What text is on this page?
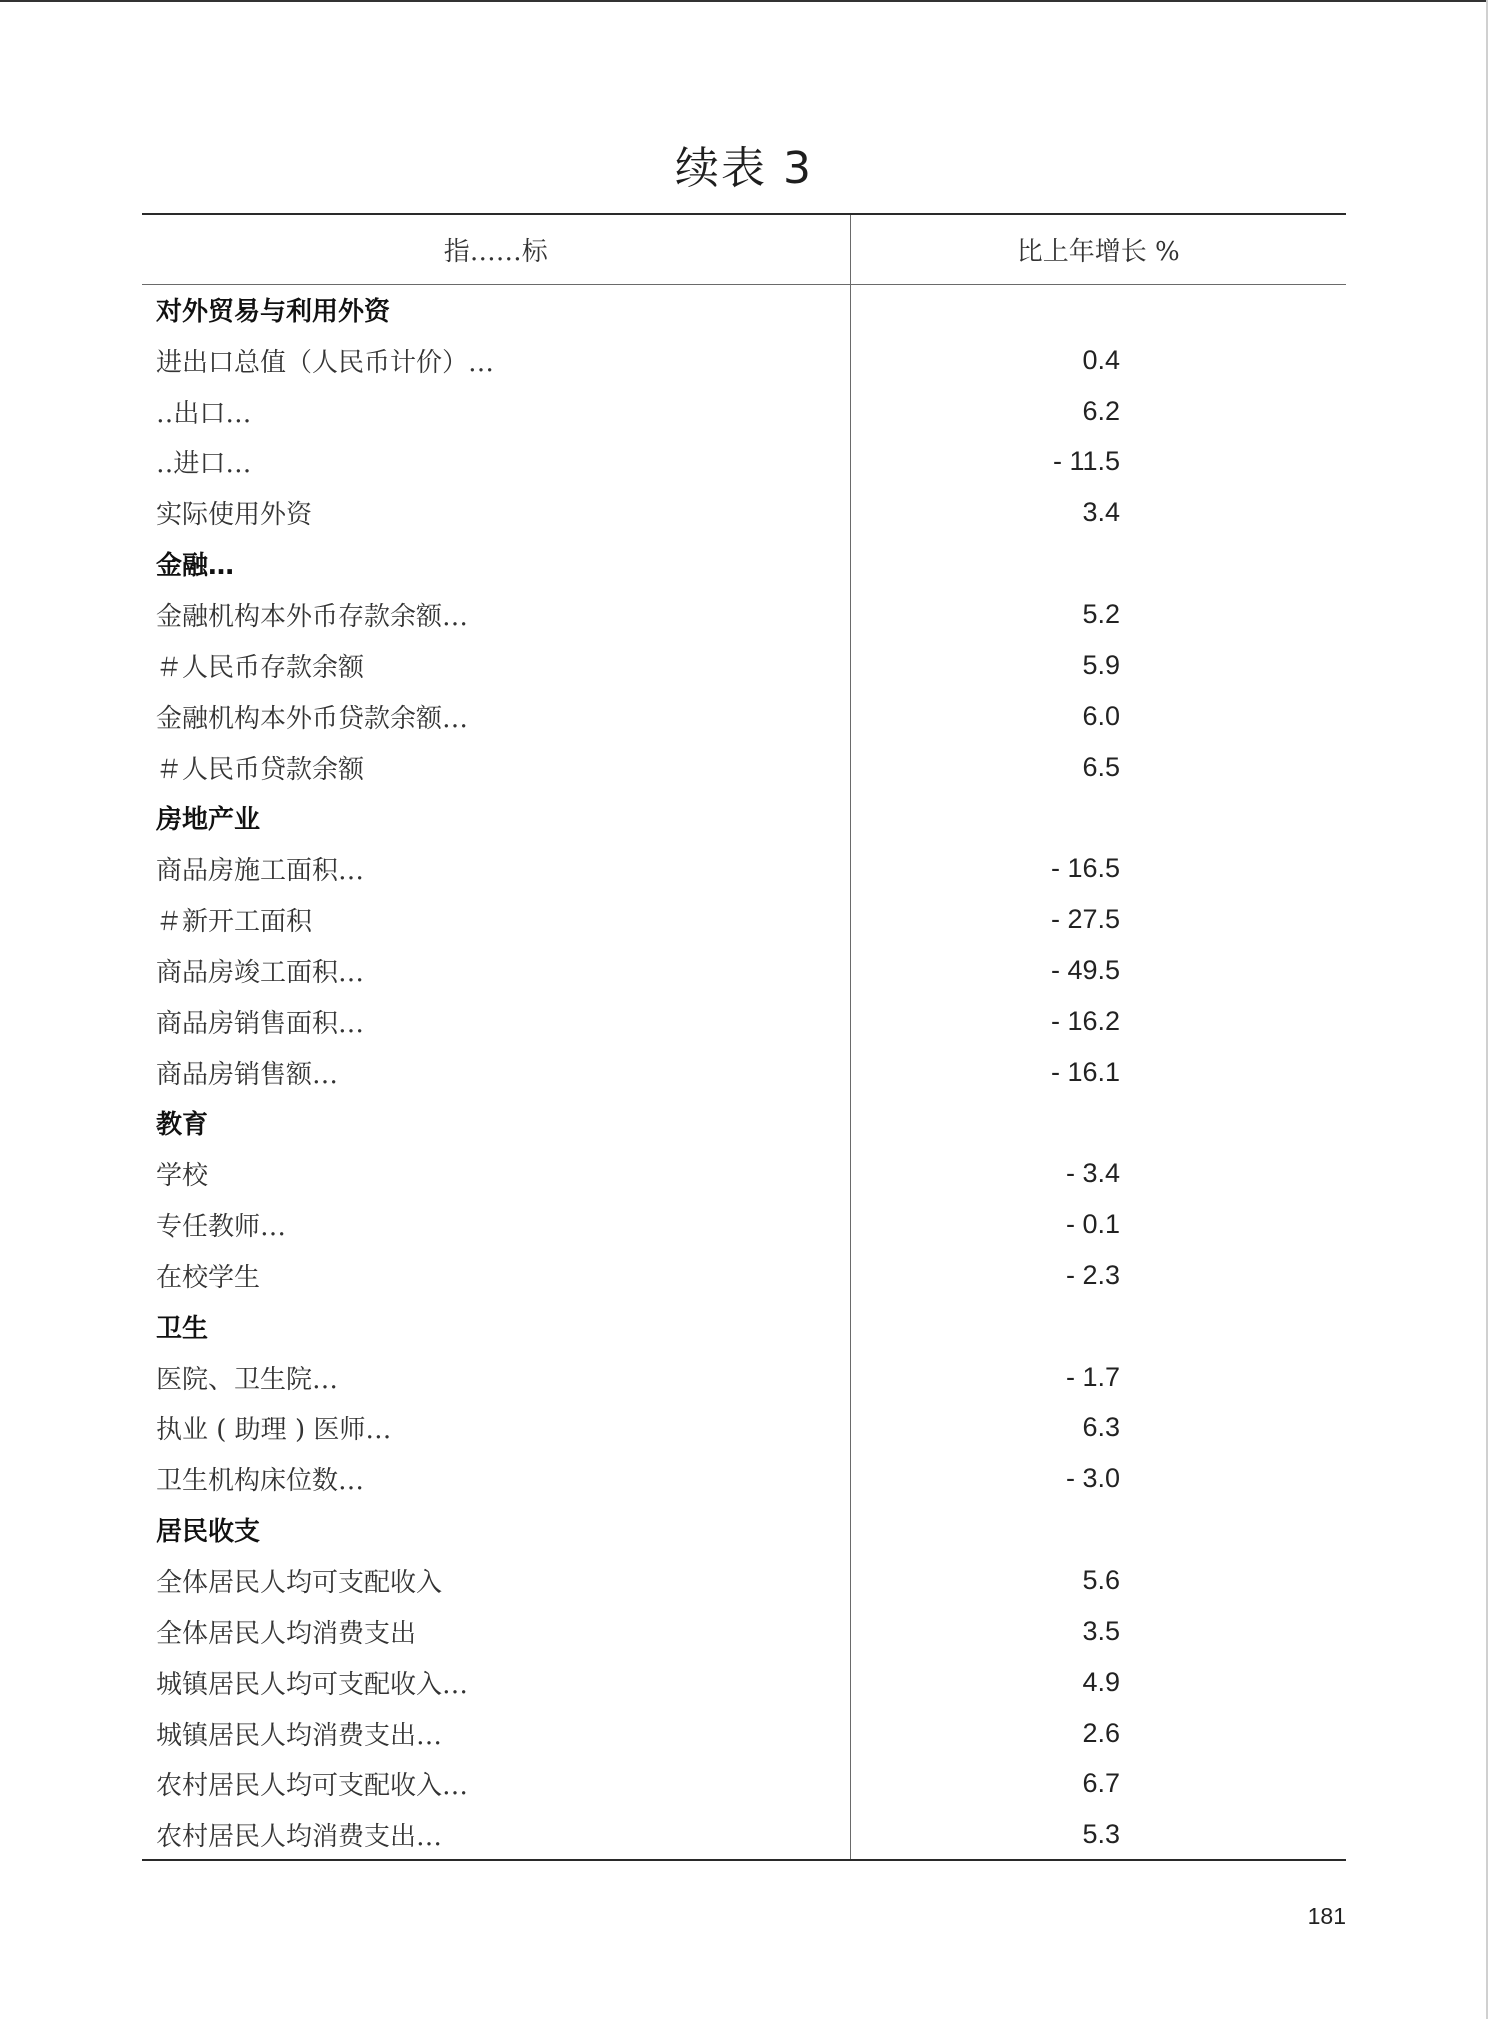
续表 3
指……标	比上年增长 %
对外贸易与利用外资	
进出口总值（人民币计价）…	0.4
‥出口…	6.2
‥进口…	- 11.5
实际使用外资	3.4
金融…	
金融机构本外币存款余额…	5.2
＃人民币存款余额	5.9
金融机构本外币贷款余额…	6.0
＃人民币贷款余额	6.5
房地产业	
商品房施工面积…	- 16.5
＃新开工面积	- 27.5
商品房竣工面积…	- 49.5
商品房销售面积…	- 16.2
商品房销售额…	- 16.1
教育	
学校	- 3.4
专任教师…	- 0.1
在校学生	- 2.3
卫生	
医院、卫生院…	- 1.7
执业 ( 助理 ) 医师…	6.3
卫生机构床位数…	- 3.0
居民收支	
全体居民人均可支配收入	5.6
全体居民人均消费支出	3.5
城镇居民人均可支配收入…	4.9
城镇居民人均消费支出…	2.6
农村居民人均可支配收入…	6.7
农村居民人均消费支出…	5.3
181
